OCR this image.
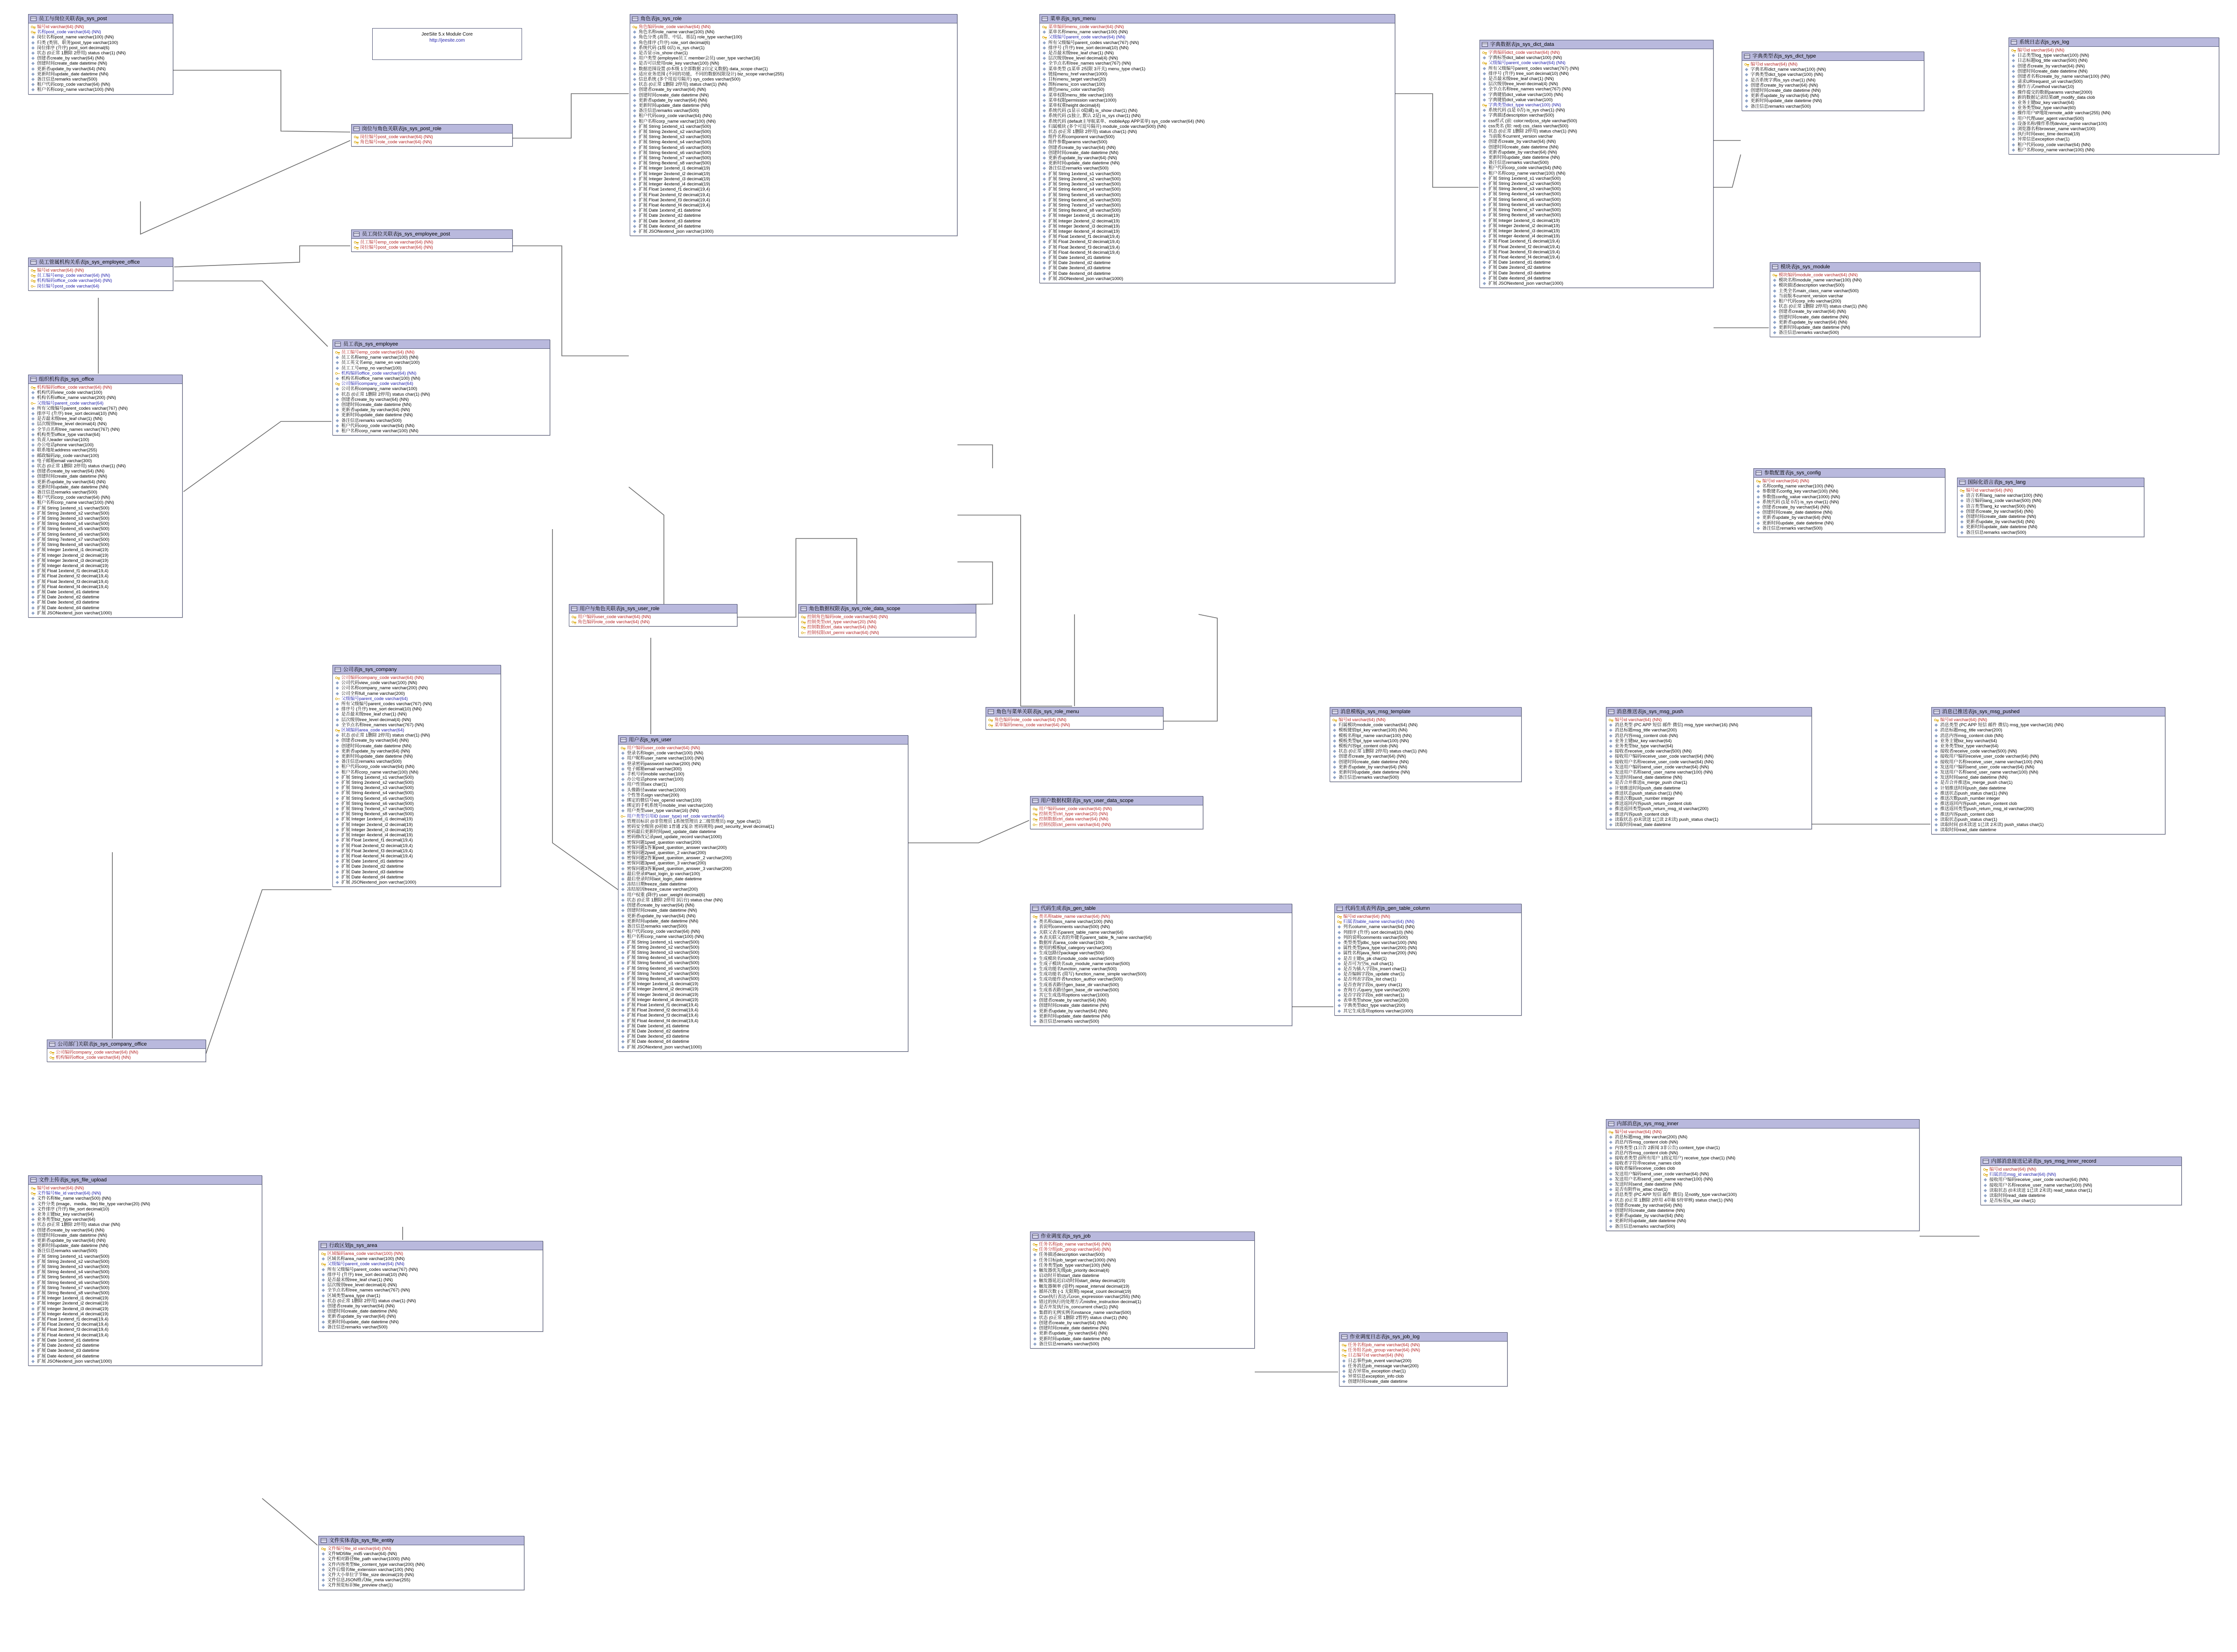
JeeSite 5.x Module Core
http://jeesite.com
员工与岗位关联表js_sys_post
编号id varchar(64) (NN)
名称post_code varchar(64) (NN)
岗位名称post_name varchar(100) (NN)
归类 (类别、职务)post_type varchar(100)
岗位排序 (升序) post_sort decimal(6)
状态 (0正常 1删除 2停用) status char(1) (NN)
创建者create_by varchar(64) (NN)
创建时间create_date datetime (NN)
更新者update_by varchar(64) (NN)
更新时间update_date datetime (NN)
备注信息remarks varchar(500)
租户代码corp_code varchar(64) (NN)
租户名称corp_name varchar(100) (NN)
岗位与角色关联表js_sys_post_role
岗位编号post_code varchar(64) (NN)
角色编号role_code varchar(64) (NN)
员工岗位关联表js_sys_employee_post
员工编号emp_code varchar(64) (NN)
岗位编号post_code varchar(64) (NN)
员工管属机构关系表js_sys_employee_office
编号id varchar(64) (NN)
员工编号emp_code varchar(64) (NN)
机构编码office_code varchar(64) (NN)
岗位编号post_code varchar(64)
组织机构表js_sys_office
机构编码office_code varchar(64) (NN)
机构代码view_code varchar(100)
机构名称office_name varchar(200) (NN)
父级编号parent_code varchar(64)
所有父级编号parent_codes varchar(767) (NN)
排序号 (升序) tree_sort decimal(10) (NN)
是否最末级tree_leaf char(1) (NN)
层次级别tree_level decimal(4) (NN)
全节点名称tree_names varchar(767) (NN)
机构类型office_type varchar(64)
负责人leader varchar(100)
办公电话phone varchar(100)
联系地址address varchar(255)
邮政编码zip_code varchar(100)
电子邮箱email varchar(300)
状态 (0正常 1删除 2停用) status char(1) (NN)
创建者create_by varchar(64) (NN)
创建时间create_date datetime (NN)
更新者update_by varchar(64) (NN)
更新时间update_date datetime (NN)
备注信息remarks varchar(500)
租户代码corp_code varchar(64) (NN)
租户名称corp_name varchar(100) (NN)
扩展 String 1extend_s1 varchar(500)
扩展 String 2extend_s2 varchar(500)
扩展 String 3extend_s3 varchar(500)
扩展 String 4extend_s4 varchar(500)
扩展 String 5extend_s5 varchar(500)
扩展 String 6extend_s6 varchar(500)
扩展 String 7extend_s7 varchar(500)
扩展 String 8extend_s8 varchar(500)
扩展 Integer 1extend_i1 decimal(19)
扩展 Integer 2extend_i2 decimal(19)
扩展 Integer 3extend_i3 decimal(19)
扩展 Integer 4extend_i4 decimal(19)
扩展 Float 1extend_f1 decimal(19,4)
扩展 Float 2extend_f2 decimal(19,4)
扩展 Float 3extend_f3 decimal(19,4)
扩展 Float 4extend_f4 decimal(19,4)
扩展 Date 1extend_d1 datetime
扩展 Date 2extend_d2 datetime
扩展 Date 3extend_d3 datetime
扩展 Date 4extend_d4 datetime
扩展 JSONextend_json varchar(1000)
员工表js_sys_employee
员工编号emp_code varchar(64) (NN)
员工名称emp_name varchar(100) (NN)
员工英文名emp_name_en varchar(100)
员工工号emp_no varchar(100)
机构编码office_code varchar(64) (NN)
机构名称office_name varchar(100) (NN)
公司编码company_code varchar(64)
公司名称company_name varchar(100)
状态 (0正常 1删除 2停用) status char(1) (NN)
创建者create_by varchar(64) (NN)
创建时间create_date datetime (NN)
更新者update_by varchar(64) (NN)
更新时间update_date datetime (NN)
备注信息remarks varchar(500)
租户代码corp_code varchar(64) (NN)
租户名称corp_name varchar(100) (NN)
公司表js_sys_company
公司编码company_code varchar(64) (NN)
公司代码view_code varchar(100) (NN)
公司名称company_name varchar(200) (NN)
公司全称full_name varchar(200)
父级编号parent_code varchar(64)
所有父级编号parent_codes varchar(767) (NN)
排序号 (升序) tree_sort decimal(10) (NN)
是否最末级tree_leaf char(1) (NN)
层次级别tree_level decimal(4) (NN)
全节点名称tree_names varchar(767) (NN)
区域编码area_code varchar(64)
状态 (0正常 1删除 2停用) status char(1) (NN)
创建者create_by varchar(64) (NN)
创建时间create_date datetime (NN)
更新者update_by varchar(64) (NN)
更新时间update_date datetime (NN)
备注信息remarks varchar(500)
租户代码corp_code varchar(64) (NN)
租户名称corp_name varchar(100) (NN)
扩展 String 1extend_s1 varchar(500)
扩展 String 2extend_s2 varchar(500)
扩展 String 3extend_s3 varchar(500)
扩展 String 4extend_s4 varchar(500)
扩展 String 5extend_s5 varchar(500)
扩展 String 6extend_s6 varchar(500)
扩展 String 7extend_s7 varchar(500)
扩展 String 8extend_s8 varchar(500)
扩展 Integer 1extend_i1 decimal(19)
扩展 Integer 2extend_i2 decimal(19)
扩展 Integer 3extend_i3 decimal(19)
扩展 Integer 4extend_i4 decimal(19)
扩展 Float 1extend_f1 decimal(19,4)
扩展 Float 2extend_f2 decimal(19,4)
扩展 Float 3extend_f3 decimal(19,4)
扩展 Float 4extend_f4 decimal(19,4)
扩展 Date 1extend_d1 datetime
扩展 Date 2extend_d2 datetime
扩展 Date 3extend_d3 datetime
扩展 Date 4extend_d4 datetime
扩展 JSONextend_json varchar(1000)
公司部门关联表js_sys_company_office
公司编码company_code varchar(64) (NN)
机构编码office_code varchar(64) (NN)
角色表js_sys_role
角色编码role_code varchar(64) (NN)
角色名称role_name varchar(100) (NN)
角色分类 (高管、中层、基层) role_type varchar(100)
角色排序 (升序) role_sort decimal(6)
系统代码 (1级 0店) is_sys char(1)
是否显示is_show char(1)
用户类型 (employee员工 member会员) user_type varchar(16)
是否可以使用role_key varchar(100) (NN)
数据范围设置 (0本级 1全部数据 2自定义数据) data_scope char(1)
适应业务范围 (不同的功能，不同的数据权限设计) biz_scope varchar(255)
信息系统 (多个用逗号隔开) sys_codes varchar(500)
状态 (0正常 1删除 2停用) status char(1) (NN)
创建者create_by varchar(64) (NN)
创建时间create_date datetime (NN)
更新者update_by varchar(64) (NN)
更新时间update_date datetime (NN)
备注信息remarks varchar(500)
租户代码corp_code varchar(64) (NN)
租户名称corp_name varchar(100) (NN)
扩展 String 1extend_s1 varchar(500)
扩展 String 2extend_s2 varchar(500)
扩展 String 3extend_s3 varchar(500)
扩展 String 4extend_s4 varchar(500)
扩展 String 5extend_s5 varchar(500)
扩展 String 6extend_s6 varchar(500)
扩展 String 7extend_s7 varchar(500)
扩展 String 8extend_s8 varchar(500)
扩展 Integer 1extend_i1 decimal(19)
扩展 Integer 2extend_i2 decimal(19)
扩展 Integer 3extend_i3 decimal(19)
扩展 Integer 4extend_i4 decimal(19)
扩展 Float 1extend_f1 decimal(19,4)
扩展 Float 2extend_f2 decimal(19,4)
扩展 Float 3extend_f3 decimal(19,4)
扩展 Float 4extend_f4 decimal(19,4)
扩展 Date 1extend_d1 datetime
扩展 Date 2extend_d2 datetime
扩展 Date 3extend_d3 datetime
扩展 Date 4extend_d4 datetime
扩展 JSONextend_json varchar(1000)
用户与角色关联表js_sys_user_role
用户编码user_code varchar(64) (NN)
角色编码role_code varchar(64) (NN)
角色数据权限表js_sys_role_data_scope
控制角色编码role_code varchar(64) (NN)
控制类型ctrl_type varchar(20) (NN)
控制数据ctrl_data varchar(64) (NN)
控制权限ctrl_permi varchar(64) (NN)
角色与菜单关联表js_sys_role_menu
角色编码role_code varchar(64) (NN)
菜单编码menu_code varchar(64) (NN)
用户数据权限表js_sys_user_data_scope
用户编码user_code varchar(64) (NN)
控制类型ctrl_type varchar(20) (NN)
控制数据ctrl_data varchar(64) (NN)
控制权限ctrl_permi varchar(64) (NN)
用户表js_sys_user
用户编码user_code varchar(64) (NN)
登录名称login_code varchar(100) (NN)
用户昵称user_name varchar(100) (NN)
登录密码password varchar(200) (NN)
电子邮箱email varchar(300)
手机号码mobile varchar(100)
办公电话phone varchar(100)
用户性别sex char(1)
头像路径avatar varchar(1000)
个性签名sign varchar(200)
绑定的微信号wx_openid varchar(100)
绑定的手机系统号mobile_imei varchar(100)
用户类型user_type varchar(16) (NN)
用户类型引用ID (user_type) ref_code varchar(64)
管理员标识 (0非管理员 1系统管理员 2二级管理员) mgr_type char(1)
密码安全级别 (0初始 1普通 2复杂 密码规则) pwd_security_level decimal(1)
密码最后更新时间pwd_update_date datetime
密码修改记录pwd_update_record varchar(1000)
密保问题1pwd_question varchar(200)
密保问题1答案pwd_question_answer varchar(200)
密保问题2pwd_question_2 varchar(200)
密保问题2答案pwd_question_answer_2 varchar(200)
密保问题3pwd_question_3 varchar(200)
密保问题3答案pwd_question_answer_3 varchar(200)
最后登录IPlast_login_ip varchar(100)
最后登录时间last_login_date datetime
冻结日期freeze_date datetime
冻结原因freeze_cause varchar(200)
用户权重 (降序) user_weight decimal(6)
状态 (0正常 1删除 2停用 3后台) status char (NN)
创建者create_by varchar(64) (NN)
创建时间create_date datetime (NN)
更新者update_by varchar(64) (NN)
更新时间update_date datetime (NN)
备注信息remarks varchar(500)
租户代码corp_code varchar(64) (NN)
租户名称corp_name varchar(100) (NN)
扩展 String 1extend_s1 varchar(500)
扩展 String 2extend_s2 varchar(500)
扩展 String 3extend_s3 varchar(500)
扩展 String 4extend_s4 varchar(500)
扩展 String 5extend_s5 varchar(500)
扩展 String 6extend_s6 varchar(500)
扩展 String 7extend_s7 varchar(500)
扩展 String 8extend_s8 varchar(500)
扩展 Integer 1extend_i1 decimal(19)
扩展 Integer 2extend_i2 decimal(19)
扩展 Integer 3extend_i3 decimal(19)
扩展 Integer 4extend_i4 decimal(19)
扩展 Float 1extend_f1 decimal(19,4)
扩展 Float 2extend_f2 decimal(19,4)
扩展 Float 3extend_f3 decimal(19,4)
扩展 Float 4extend_f4 decimal(19,4)
扩展 Date 1extend_d1 datetime
扩展 Date 2extend_d2 datetime
扩展 Date 3extend_d3 datetime
扩展 Date 4extend_d4 datetime
扩展 JSONextend_json varchar(1000)
菜单表js_sys_menu
菜单编码menu_code varchar(64) (NN)
菜单名称menu_name varchar(100) (NN)
父级编号parent_code varchar(64) (NN)
所有父级编号parent_codes varchar(767) (NN)
排序号 (升序) tree_sort decimal(10) (NN)
是否最末级tree_leaf char(1) (NN)
层次级别tree_level decimal(4) (NN)
全节点名称tree_names varchar(767) (NN)
菜单类型 (1菜单 2权限 3开关) menu_type char(1)
链接menu_href varchar(1000)
目标menu_target varchar(20)
图标menu_icon varchar(100)
颜色menu_color varchar(50)
菜单权限menu_title varchar(100)
菜单权限permission varchar(1000)
菜单权重height decimal(4)
系统代码 (1显示 0隐藏) is_show char(1) (NN)
系统代码 (1独立, 默认 2是) is_sys char(1) (NN)
系统代码 (default主导航菜单、mobileApp APP菜单) sys_code varchar(64) (NN)
归属模块 (多个可逗号隔开) module_code varchar(500) (NN)
状态 (0正常 1删除 2停用) status char(1) (NN)
组件名称component varchar(500)
组件参数params varchar(500)
创建者create_by varchar(64) (NN)
创建时间create_date datetime (NN)
更新者update_by varchar(64) (NN)
更新时间update_date datetime (NN)
备注信息remarks varchar(500)
扩展 String 1extend_s1 varchar(500)
扩展 String 2extend_s2 varchar(500)
扩展 String 3extend_s3 varchar(500)
扩展 String 4extend_s4 varchar(500)
扩展 String 5extend_s5 varchar(500)
扩展 String 6extend_s6 varchar(500)
扩展 String 7extend_s7 varchar(500)
扩展 String 8extend_s8 varchar(500)
扩展 Integer 1extend_i1 decimal(19)
扩展 Integer 2extend_i2 decimal(19)
扩展 Integer 3extend_i3 decimal(19)
扩展 Integer 4extend_i4 decimal(19)
扩展 Float 1extend_f1 decimal(19,4)
扩展 Float 2extend_f2 decimal(19,4)
扩展 Float 3extend_f3 decimal(19,4)
扩展 Float 4extend_f4 decimal(19,4)
扩展 Date 1extend_d1 datetime
扩展 Date 2extend_d2 datetime
扩展 Date 3extend_d3 datetime
扩展 Date 4extend_d4 datetime
扩展 JSONextend_json varchar(1000)
字典数据表js_sys_dict_data
字典编码dict_code varchar(64) (NN)
字典标签dict_label varchar(100) (NN)
父级编号parent_code varchar(64) (NN)
所有父级编号parent_codes varchar(767) (NN)
排序号 (升序) tree_sort decimal(10) (NN)
是否最末级tree_leaf char(1) (NN)
层次级别tree_level decimal(4) (NN)
全节点名称tree_names varchar(767) (NN)
字典键值dict_value varchar(100) (NN)
字典键值dict_value varchar(100)
字典类型dict_type varchar(100) (NN)
系统代码 (1是 0否) is_sys char(1) (NN)
字典描述description varchar(500)
css样式 (前: color:red)css_style varchar(500)
css类名 (如: red) css_class varchar(500)
状态 (0正常 1删除 2停用) status char(1) (NN)
当前版本current_version varchar
创建者create_by varchar(64) (NN)
创建时间create_date datetime (NN)
更新者update_by varchar(64) (NN)
更新时间update_date datetime (NN)
备注信息remarks varchar(500)
租户代码corp_code varchar(64) (NN)
租户名称corp_name varchar(100) (NN)
扩展 String 1extend_s1 varchar(500)
扩展 String 2extend_s2 varchar(500)
扩展 String 3extend_s3 varchar(500)
扩展 String 4extend_s4 varchar(500)
扩展 String 5extend_s5 varchar(500)
扩展 String 6extend_s6 varchar(500)
扩展 String 7extend_s7 varchar(500)
扩展 String 8extend_s8 varchar(500)
扩展 Integer 1extend_i1 decimal(19)
扩展 Integer 2extend_i2 decimal(19)
扩展 Integer 3extend_i3 decimal(19)
扩展 Integer 4extend_i4 decimal(19)
扩展 Float 1extend_f1 decimal(19,4)
扩展 Float 2extend_f2 decimal(19,4)
扩展 Float 3extend_f3 decimal(19,4)
扩展 Float 4extend_f4 decimal(19,4)
扩展 Date 1extend_d1 datetime
扩展 Date 2extend_d2 datetime
扩展 Date 3extend_d3 datetime
扩展 Date 4extend_d4 datetime
扩展 JSONextend_json varchar(1000)
字典类型表js_sys_dict_type
编号id varchar(64) (NN)
字典名称dict_name varchar(100) (NN)
字典类型dict_type varchar(100) (NN)
是否系统字典is_sys char(1) (NN)
创建者create_by varchar(64) (NN)
创建时间create_date datetime (NN)
更新者update_by varchar(64) (NN)
更新时间update_date datetime (NN)
备注信息remarks varchar(500)
模块表js_sys_module
模块编码module_code varchar(64) (NN)
模块名称module_name varchar(100) (NN)
模块描述description varchar(500)
主类全名main_class_name varchar(500)
当前版本current_version varchar
租户代码corp_info varchar(200)
状态 (0正常 1删除 2停用) status char(1) (NN)
创建者create_by varchar(64) (NN)
创建时间create_date datetime (NN)
更新者update_by varchar(64) (NN)
更新时间update_date datetime (NN)
备注信息remarks varchar(500)
系统日志表js_sys_log
编号id varchar(64) (NN)
日志类型log_type varchar(100) (NN)
日志标题log_title varchar(500) (NN)
创建者create_by varchar(64) (NN)
创建时间create_date datetime (NN)
创建者名称create_by_name varchar(100) (NN)
请求URIrequest_uri varchar(500)
操作方式method varchar(10)
操作提交的数据params varchar(2000)
新的数据记录结果diff_modify_data clob
业务主键biz_key varchar(64)
业务类型biz_type varchar(60)
操作用户IP地址remote_addr varchar(255) (NN)
用户代理user_agent varchar(500)
设备名称/操作系统device_name varchar(100)
浏览器名称browser_name varchar(100)
执行时间exec_time decimal(19)
异常信息exception char(1)
租户代码corp_code varchar(64) (NN)
租户名称corp_name varchar(100) (NN)
参数配置表js_sys_config
编号id varchar(64) (NN)
名称config_name varchar(100) (NN)
参数键名config_key varchar(100) (NN)
参数值config_value varchar(1000) (NN)
系统代码 (1是 0否) is_sys char(1) (NN)
创建者create_by varchar(64) (NN)
创建时间create_date datetime (NN)
更新者update_by varchar(64) (NN)
更新时间update_date datetime (NN)
备注信息remarks varchar(500)
国际化语言表js_sys_lang
编号id varchar(64) (NN)
语言名称lang_name varchar(100) (NN)
语言编码lang_code varchar(500) (NN)
语言类型lang_kz varchar(500) (NN)
创建者create_by varchar(64) (NN)
创建时间create_date datetime (NN)
更新者update_by varchar(64) (NN)
更新时间update_date datetime (NN)
备注信息remarks varchar(500)
消息模板js_sys_msg_template
编号id varchar(64) (NN)
归属模块module_code varchar(64) (NN)
模板键值tpl_key varchar(100) (NN)
模板名称tpl_name varchar(100) (NN)
模板类型tpl_type varchar(100) (NN)
模板内容tpl_content clob (NN)
状态 (0正常 1删除 2停用) status char(1) (NN)
创建者create_by varchar(64) (NN)
创建时间create_date datetime (NN)
更新者update_by varchar(64) (NN)
更新时间update_date datetime (NN)
备注信息remarks varchar(500)
消息推送表js_sys_msg_push
编号id varchar(64) (NN)
消息类型 (PC APP 短信 邮件 微信) msg_type varchar(16) (NN)
消息标题msg_title varchar(200)
消息内容msg_content clob (NN)
业务主键biz_key varchar(64)
业务类型biz_type varchar(64)
接收者receive_code varchar(500) (NN)
接收用户编码receive_user_code varchar(64) (NN)
接收用户名称receive_user_code varchar(64) (NN)
发送用户编码send_user_code varchar(64) (NN)
发送用户名称send_user_name varchar(100) (NN)
发送时间send_date datetime (NN)
是否合并推送is_merge_push char(1)
计划推送时间push_date datetime
推送状态push_status char(1) (NN)
推送次数push_number integer
推送返回内容push_return_content clob
推送返回类型push_return_msg_id varchar(200)
推送内容push_content clob
读取状态 (0未读送 1已读 2未读) push_status char(1)
读取时间read_date datetime
消息已推送表js_sys_msg_pushed
编号id varchar(64) (NN)
消息类型 (PC APP 短信 邮件 微信) msg_type varchar(16) (NN)
消息标题msg_title varchar(200)
消息内容msg_content clob (NN)
业务主键biz_key varchar(64)
业务类型biz_type varchar(64)
接收者receive_code varchar(500) (NN)
接收用户编码receive_user_code varchar(64) (NN)
接收用户名称receive_user_name varchar(100) (NN)
发送用户编码send_user_code varchar(64) (NN)
发送用户名称send_user_name varchar(100) (NN)
发送时间send_date datetime (NN)
是否合并推送is_merge_push char(1)
计划推送时间push_date datetime
推送状态push_status char(1) (NN)
推送次数push_number integer
推送返回内容push_return_content clob
推送返回类型push_return_msg_id varchar(200)
推送内容push_content clob
读取状态push_status char(1)
读取时间 (0未读送 1已读 2未读) push_status char(1)
读取时间read_date datetime
内部消息js_sys_msg_inner
编号id varchar(64) (NN)
消息标题msg_title varchar(200) (NN)
消息内容msg_content clob (NN)
内容类型 (1公告 2新闻 3非公告) content_type char(1)
消息内容msg_content clob (NN)
接收者类型 (0所有用户 1指定用户) receive_type char(1) (NN)
接收者字符串receive_names clob
接收者编码receive_codes clob
发送用户编码send_user_code varchar(64) (NN)
发送用户名称send_user_name varchar(100) (NN)
发送时间send_date datetime (NN)
是否有附件is_attac char(1)
消息类型 (PC APP 短信 邮件 微信) 是notify_type varchar(100)
状态 (0正常 1删除 2停用 4草稿 5待审核) status char(1) (NN)
创建者create_by varchar(64) (NN)
创建时间create_date datetime (NN)
更新者update_by varchar(64) (NN)
更新时间update_date datetime (NN)
备注信息remarks varchar(500)
内部消息接送记录表js_sys_msg_inner_record
编号id varchar(64) (NN)
归属消息msg_id varchar(64) (NN)
接收用户编码receive_user_code varchar(64) (NN)
接收用户名称receive_user_name varchar(100) (NN)
读取状态 (0未读送 1已读 2未读) read_status char(1)
读取时间read_date datetime
是否标星is_star char(1)
代码生成表js_gen_table
类名称table_name varchar(64) (NN)
类名称class_name varchar(100) (NN)
表说明comments varchar(500) (NN)
关联父表名parent_table_name varchar(64)
本表关联父表的外键名parent_table_fk_name varchar(64)
数据库表area_code varchar(100)
使用的模板tpl_category varchar(200)
生成包路径package varchar(500)
生成模块名module_code varchar(500)
生成子模块名sub_module_name varchar(500)
生成功能名function_name varchar(500)
生成功能名 (简写) function_name_simple varchar(500)
生成功能作者function_author varchar(500)
生成基表路径gen_base_dir varchar(500)
生成基表路径gen_base_dir varchar(500)
其它生成选项options varchar(1000)
创建者create_by varchar(64) (NN)
创建时间create_date datetime (NN)
更新者update_by varchar(64) (NN)
更新时间update_date datetime (NN)
备注信息remarks varchar(500)
代码生成表列表js_gen_table_column
编号id varchar(64) (NN)
归属表table_name varchar(64) (NN)
列名column_name varchar(64) (NN)
列排序 (升序) sort decimal(10) (NN)
列的说明comments varchar(500)
类型类型jdbc_type varchar(100) (NN)
属性类型java_type varchar(200) (NN)
属性名称java_field varchar(200) (NN)
是否主键is_pk char(1)
是否可为空is_null char(1)
是否为插入字段is_insert char(1)
是否编辑字段is_update char(1)
是否列表字段is_list char(1)
是否查询字段is_query char(1)
查询方式query_type varchar(200)
是否字段字段is_edit varchar(1)
表单类型show_type varchar(200)
字典类型dict_type varchar(200)
其它生成选项options varchar(1000)
作业调度表js_sys_job
任务名称job_name varchar(64) (NN)
任务分组job_group varchar(64) (NN)
任务描述description varchar(500)
任务目标job_target varchar(1000) (NN)
任务类型job_type varchar(100) (NN)
触发器优先级job_priority decimal(4)
启动时开始start_date datetime
触发器延迟启动时间start_delay decimal(19)
触发器频率 (毫秒) repeat_interval decimal(19)
循环次数 (-1 无限期) repeat_count decimal(19)
Cron执行表达式cron_expression varchar(255) (NN)
错过的执行的处理方式misfire_instruction decimal(1)
是否并发执行is_concurrent char(1) (NN)
集群的无例实例名instance_name varchar(500)
状态 (0正常 1删除 2暂停) status char(1) (NN)
创建者create_by varchar(64) (NN)
创建时间create_date datetime (NN)
更新者update_by varchar(64) (NN)
更新时间update_date datetime (NN)
备注信息remarks varchar(500)
作业调度日志表js_sys_job_log
任务名称job_name varchar(64) (NN)
任务组名job_group varchar(64) (NN)
日志编号id varchar(64) (NN)
日志事件job_event varchar(200)
任务消息job_message varchar(200)
是否异常is_exception char(1)
异常信息exception_info clob
创建时间create_date datetime
文件上传表js_sys_file_upload
编号id varchar(64) (NN)
文件编号file_id varchar(64) (NN)
文件名称file_name varchar(500) (NN)
文件分类 (image、media、file) file_type varchar(20) (NN)
文件排序 (升序) file_sort decimal(10)
业务主键biz_key varchar(64)
业务类型biz_type varchar(64)
状态 (0正常 1删除 2停用) status char (NN)
创建者create_by varchar(64) (NN)
创建时间create_date datetime (NN)
更新者update_by varchar(64) (NN)
更新时间update_date datetime (NN)
备注信息remarks varchar(500)
扩展 String 1extend_s1 varchar(500)
扩展 String 2extend_s2 varchar(500)
扩展 String 3extend_s3 varchar(500)
扩展 String 4extend_s4 varchar(500)
扩展 String 5extend_s5 varchar(500)
扩展 String 6extend_s6 varchar(500)
扩展 String 7extend_s7 varchar(500)
扩展 String 8extend_s8 varchar(500)
扩展 Integer 1extend_i1 decimal(19)
扩展 Integer 2extend_i2 decimal(19)
扩展 Integer 3extend_i3 decimal(19)
扩展 Integer 4extend_i4 decimal(19)
扩展 Float 1extend_f1 decimal(19,4)
扩展 Float 2extend_f2 decimal(19,4)
扩展 Float 3extend_f3 decimal(19,4)
扩展 Float 4extend_f4 decimal(19,4)
扩展 Date 1extend_d1 datetime
扩展 Date 2extend_d2 datetime
扩展 Date 3extend_d3 datetime
扩展 Date 4extend_d4 datetime
扩展 JSONextend_json varchar(1000)
文件实体表js_sys_file_entity
文件编号file_id varchar(64) (NN)
文件MD5file_md5 varchar(64) (NN)
文件相对路径file_path varchar(1000) (NN)
文件内容类型file_content_type varchar(200) (NN)
文件后缀名file_extension varchar(100) (NN)
文件大小单位字节file_size decimal(19) (NN)
文件信息JSON格式file_meta varchar(255)
文件预览标识file_preview char(1)
行政区划js_sys_area
区域编码area_code varchar(100) (NN)
区域名称area_name varchar(100) (NN)
父级编号parent_code varchar(64) (NN)
所有父级编号parent_codes varchar(767) (NN)
排序号 (升序) tree_sort decimal(10) (NN)
是否最末级tree_leaf char(1) (NN)
层次级别tree_level decimal(4) (NN)
全节点名称tree_names varchar(767) (NN)
区域类型area_type char(1)
状态 (0正常 1删除 2停用) status char(1) (NN)
创建者create_by varchar(64) (NN)
创建时间create_date datetime (NN)
更新者update_by varchar(64) (NN)
更新时间update_date datetime (NN)
备注信息remarks varchar(500)
